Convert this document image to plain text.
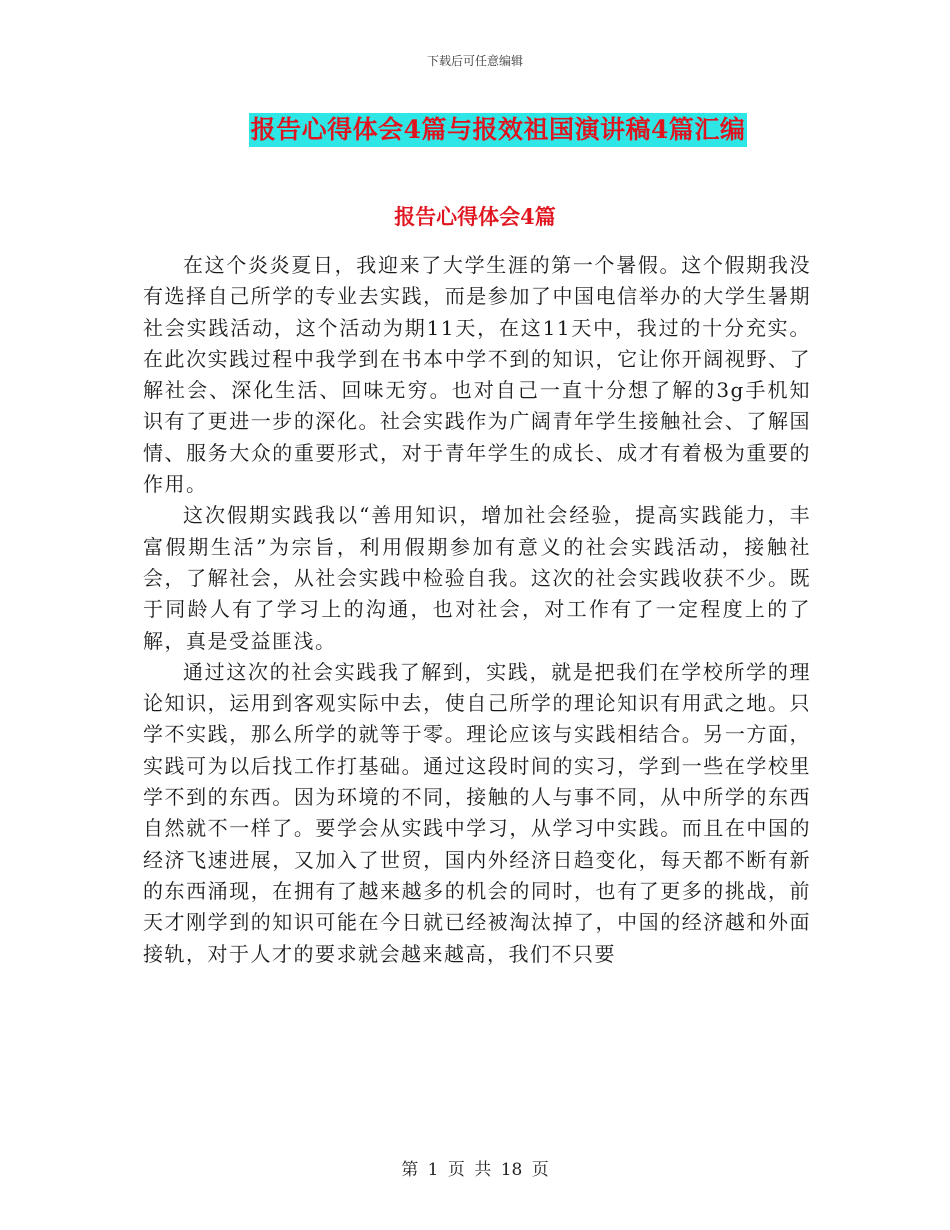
下载后可任意编辑
报告心得体会4篇与报效祖国演讲稿4篇汇编
报告心得体会4篇

在这个炎炎夏日，我迎来了大学生涯的第一个暑假。这个假期我没有选择自己所学的专业去实践，而是参加了中国电信举办的大学生暑期社会实践活动，这个活动为期11天，在这11天中，我过的十分充实。在此次实践过程中我学到在书本中学不到的知识，它让你开阔视野、了解社会、深化生活、回味无穷。也对自己一直十分想了解的3g手机知识有了更进一步的深化。社会实践作为广阔青年学生接触社会、了解国情、服务大众的重要形式，对于青年学生的成长、成才有着极为重要的作用。

这次假期实践我以“善用知识，增加社会经验，提高实践能力，丰富假期生活”为宗旨，利用假期参加有意义的社会实践活动，接触社会，了解社会，从社会实践中检验自我。这次的社会实践收获不少。既于同龄人有了学习上的沟通，也对社会，对工作有了一定程度上的了解，真是受益匪浅。

通过这次的社会实践我了解到，实践，就是把我们在学校所学的理论知识，运用到客观实际中去，使自己所学的理论知识有用武之地。只学不实践，那么所学的就等于零。理论应该与实践相结合。另一方面，实践可为以后找工作打基础。通过这段时间的实习，学到一些在学校里学不到的东西。因为环境的不同，接触的人与事不同，从中所学的东西自然就不一样了。要学会从实践中学习，从学习中实践。而且在中国的经济飞速进展，又加入了世贸，国内外经济日趋变化，每天都不断有新的东西涌现，在拥有了越来越多的机会的同时，也有了更多的挑战，前天才刚学到的知识可能在今日就已经被淘汰掉了，中国的经济越和外面接轨，对于人才的要求就会越来越高，我们不只要

第 1 页 共 18 页
